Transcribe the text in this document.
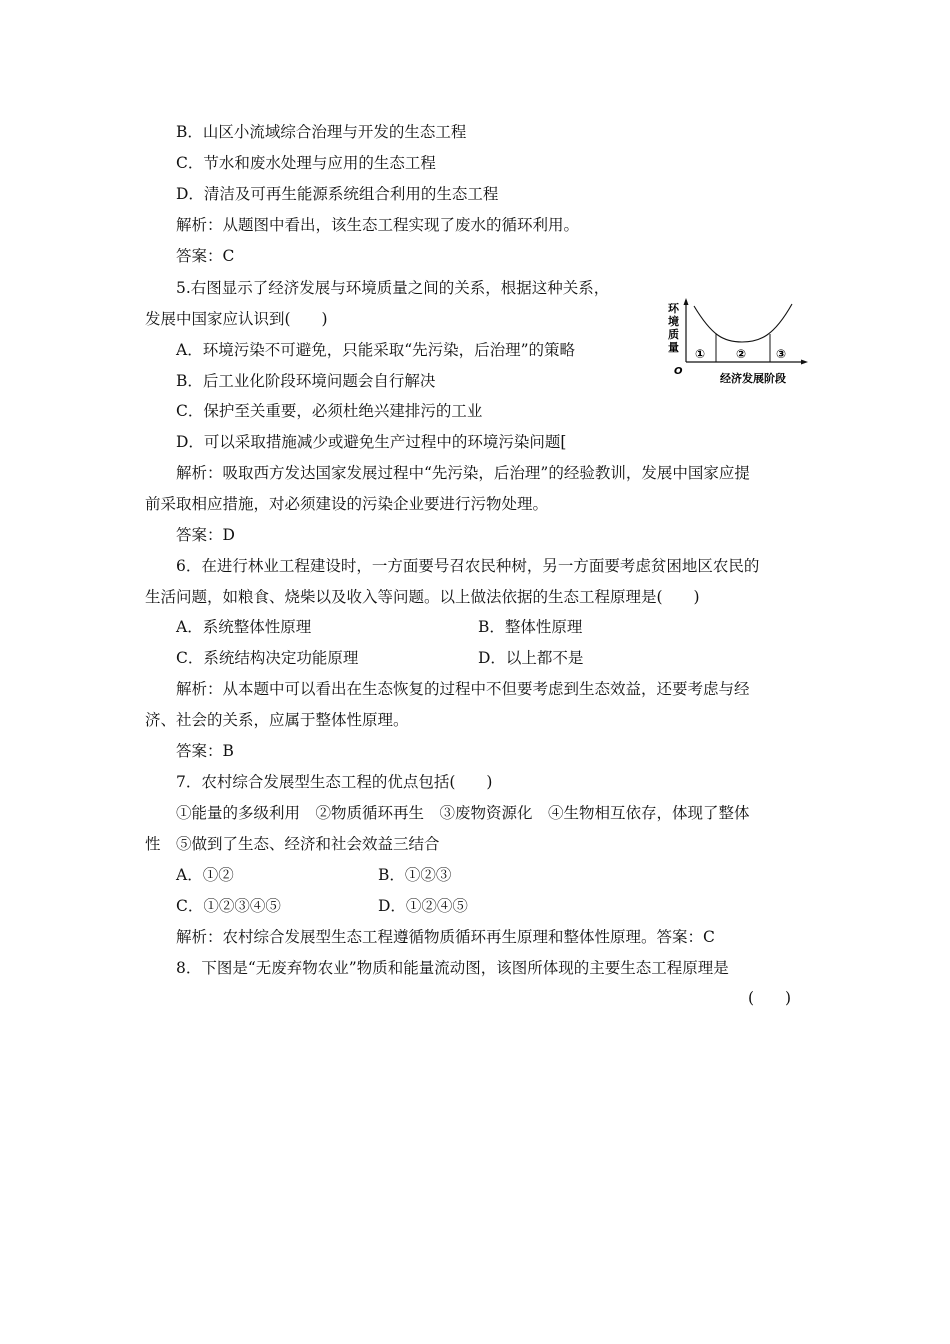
B．山区小流域综合治理与开发的生态工程
C．节水和废水处理与应用的生态工程
D．清洁及可再生能源系统组合利用的生态工程
解析：从题图中看出，该生态工程实现了废水的循环利用。
答案：C
5.右图显示了经济发展与环境质量之间的关系，根据这种关系，
发展中国家应认识到(　　)
A．环境污染不可避免，只能采取“先污染，后治理”的策略
B．后工业化阶段环境问题会自行解决
C．保护至关重要，必须杜绝兴建排污的工业
D．可以采取措施减少或避免生产过程中的环境污染问题[
解析：吸取西方发达国家发展过程中“先污染，后治理”的经验教训，发展中国家应提
前采取相应措施，对必须建设的污染企业要进行污物处理。
答案：D
6．在进行林业工程建设时，一方面要号召农民种树，另一方面要考虑贫困地区农民的
生活问题，如粮食、烧柴以及收入等问题。以上做法依据的生态工程原理是(　　)
A．系统整体性原理	B．整体性原理
C．系统结构决定功能原理	D．以上都不是
解析：从本题中可以看出在生态恢复的过程中不但要考虑到生态效益，还要考虑与经
济、社会的关系，应属于整体性原理。
答案：B
7．农村综合发展型生态工程的优点包括(　　)
①能量的多级利用　②物质循环再生　③废物资源化　④生物相互依存，体现了整体
性　⑤做到了生态、经济和社会效益三结合
A．①②	B．①②③
C．①②③④⑤	D．①②④⑤
解析：农村综合发展型生态工程遵循物质循环再生原理和整体性原理。答案：C
8．下图是“无废弃物农业”物质和能量流动图，该图所体现的主要生态工程原理是
(　　)
环
境
质
量 ①	② ③
O
经济发展阶段
